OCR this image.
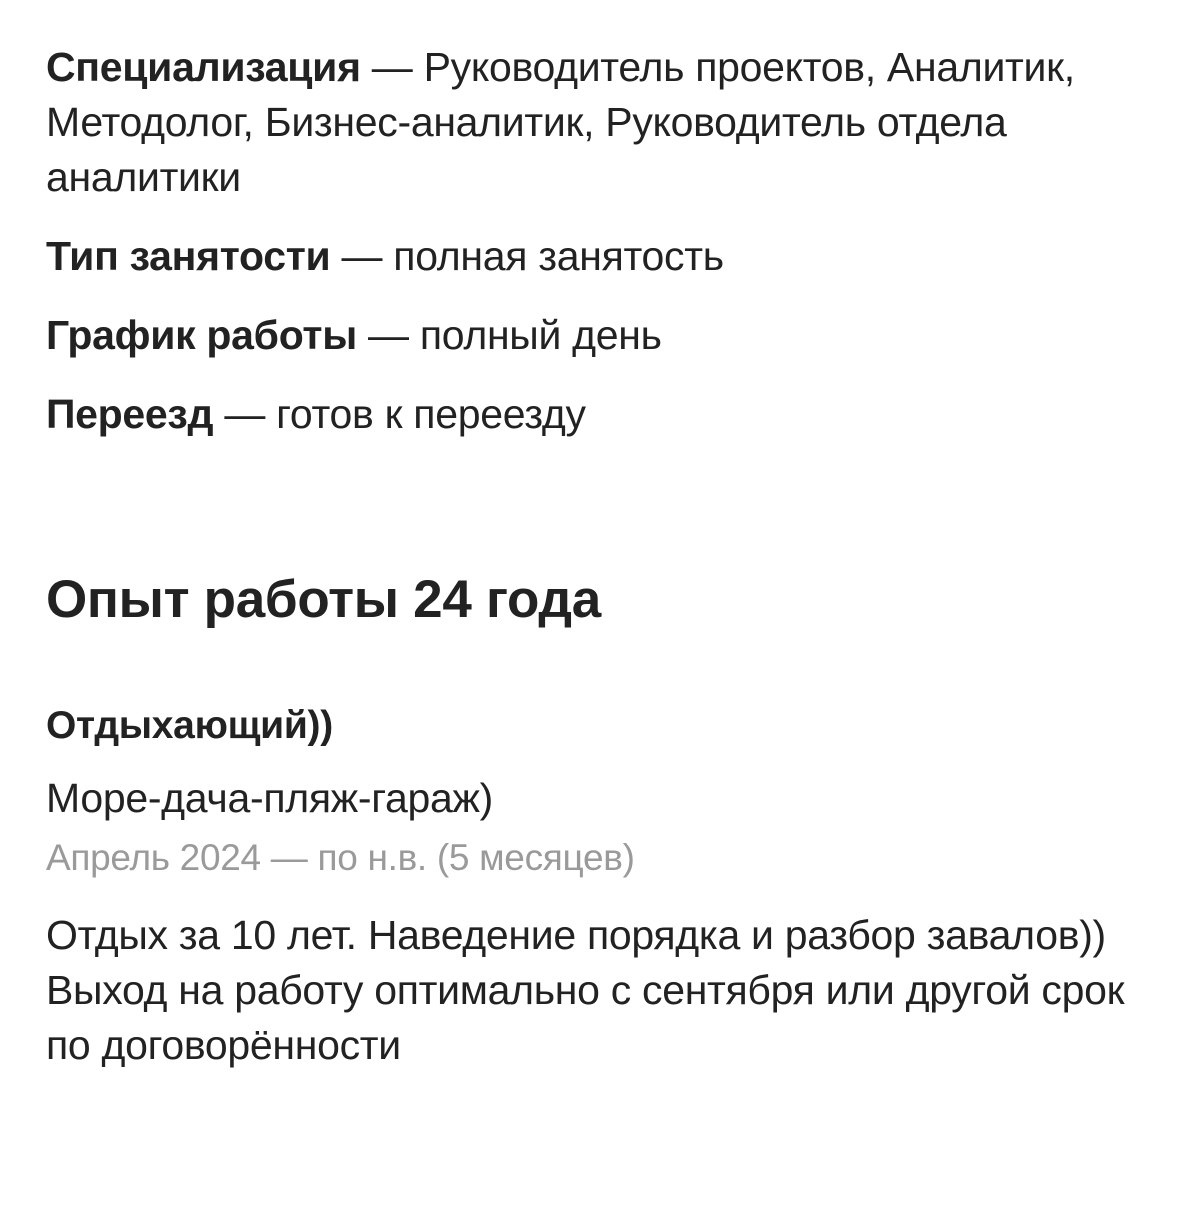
Специализация — Руководитель проектов, Аналитик, Методолог, Бизнес-аналитик, Руководитель отдела аналитики
Тип занятости — полная занятость
График работы — полный день
Переезд — готов к переезду
Опыт работы 24 года
Отдыхающий))
Море-дача-пляж-гараж)
Апрель 2024 — по н.в. (5 месяцев)
Отдых за 10 лет. Наведение порядка и разбор завалов))
Выход на работу оптимально с сентября или другой срок по договорённости
